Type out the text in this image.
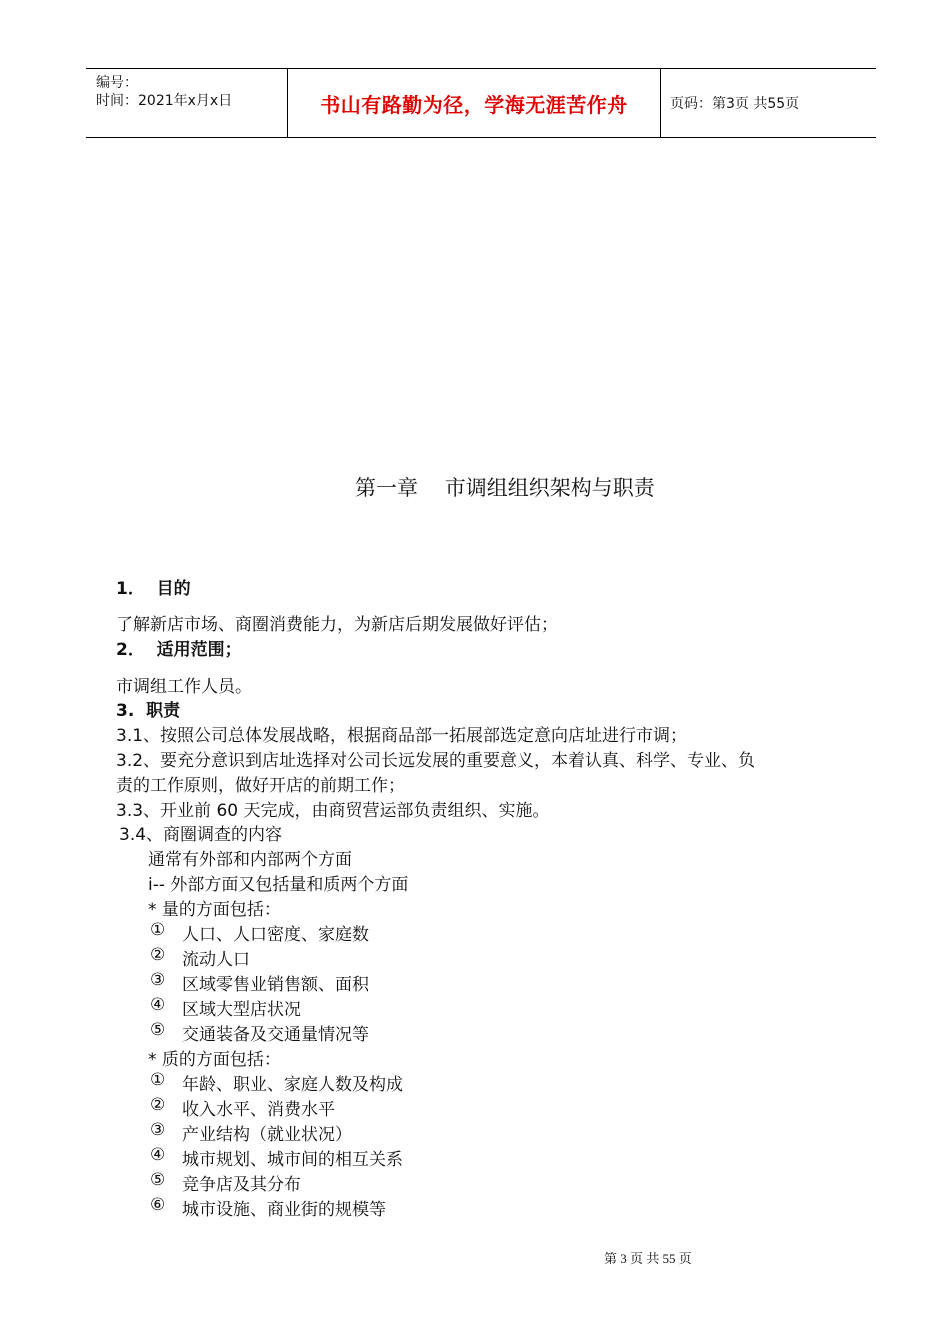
编号：
时间：2021年x月x日	书山有路勤为径，学海无涯苦作舟	页码：第3页 共55页
第一章    市调组组织架构与职责
1．  目的
了解新店市场、商圈消费能力，为新店后期发展做好评估；
2．  适用范围；
市调组工作人员。
3.  职责
3.1、按照公司总体发展战略，根据商品部一拓展部选定意向店址进行市调；
3.2、要充分意识到店址选择对公司长远发展的重要意义，本着认真、科学、专业、负
责的工作原则，做好开店的前期工作；
3.3、开业前 60 天完成，由商贸营运部负责组织、实施。
3.4、商圈调查的内容
通常有外部和内部两个方面
i-- 外部方面又包括量和质两个方面
* 量的方面包括：
① 人口、人口密度、家庭数
② 流动人口
③ 区域零售业销售额、面积
④ 区域大型店状况
⑤ 交通装备及交通量情况等
* 质的方面包括：
① 年龄、职业、家庭人数及构成
② 收入水平、消费水平
③ 产业结构（就业状况）
④ 城市规划、城市间的相互关系
⑤ 竞争店及其分布
⑥ 城市设施、商业街的规模等
第 3 页 共 55 页
